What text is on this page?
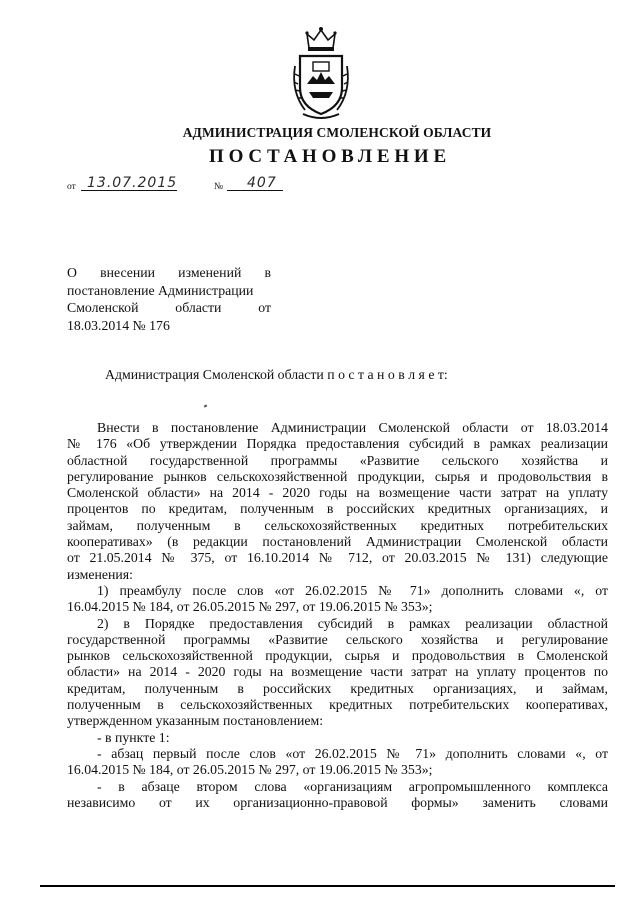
АДМИНИСТРАЦИЯ СМОЛЕНСКОЙ ОБЛАСТИ
ПОСТАНОВЛЕНИЕ
от 13.07.2015	№ 407
О внесении изменений в
постановление Администрации
Смоленской области от
18.03.2014 № 176
Администрация Смоленской области п о с т а н о в л я е т:
Внести в постановление Администрации Смоленской области от 18.03.2014
№ 176 «Об утверждении Порядка предоставления субсидий в рамках реализации
областной государственной программы «Развитие сельского хозяйства и
регулирование рынков сельскохозяйственной продукции, сырья и продовольствия в
Смоленской области» на 2014 - 2020 годы на возмещение части затрат на уплату
процентов по кредитам, полученным в российских кредитных организациях, и
займам, полученным в сельскохозяйственных кредитных потребительских
кооперативах» (в редакции постановлений Администрации Смоленской области
от 21.05.2014 № 375, от 16.10.2014 № 712, от 20.03.2015 № 131) следующие
изменения:
1) преамбулу после слов «от 26.02.2015 № 71» дополнить словами «, от
16.04.2015 № 184, от 26.05.2015 № 297, от 19.06.2015 № 353»;
2) в Порядке предоставления субсидий в рамках реализации областной
государственной программы «Развитие сельского хозяйства и регулирование
рынков сельскохозяйственной продукции, сырья и продовольствия в Смоленской
области» на 2014 - 2020 годы на возмещение части затрат на уплату процентов по
кредитам, полученным в российских кредитных организациях, и займам,
полученным в сельскохозяйственных кредитных потребительских кооперативах,
утвержденном указанным постановлением:
- в пункте 1:
- абзац первый после слов «от 26.02.2015 № 71» дополнить словами «, от
16.04.2015 № 184, от 26.05.2015 № 297, от 19.06.2015 № 353»;
- в абзаце втором слова «организациям агропромышленного комплекса
независимо от их организационно-правовой формы» заменить словами
